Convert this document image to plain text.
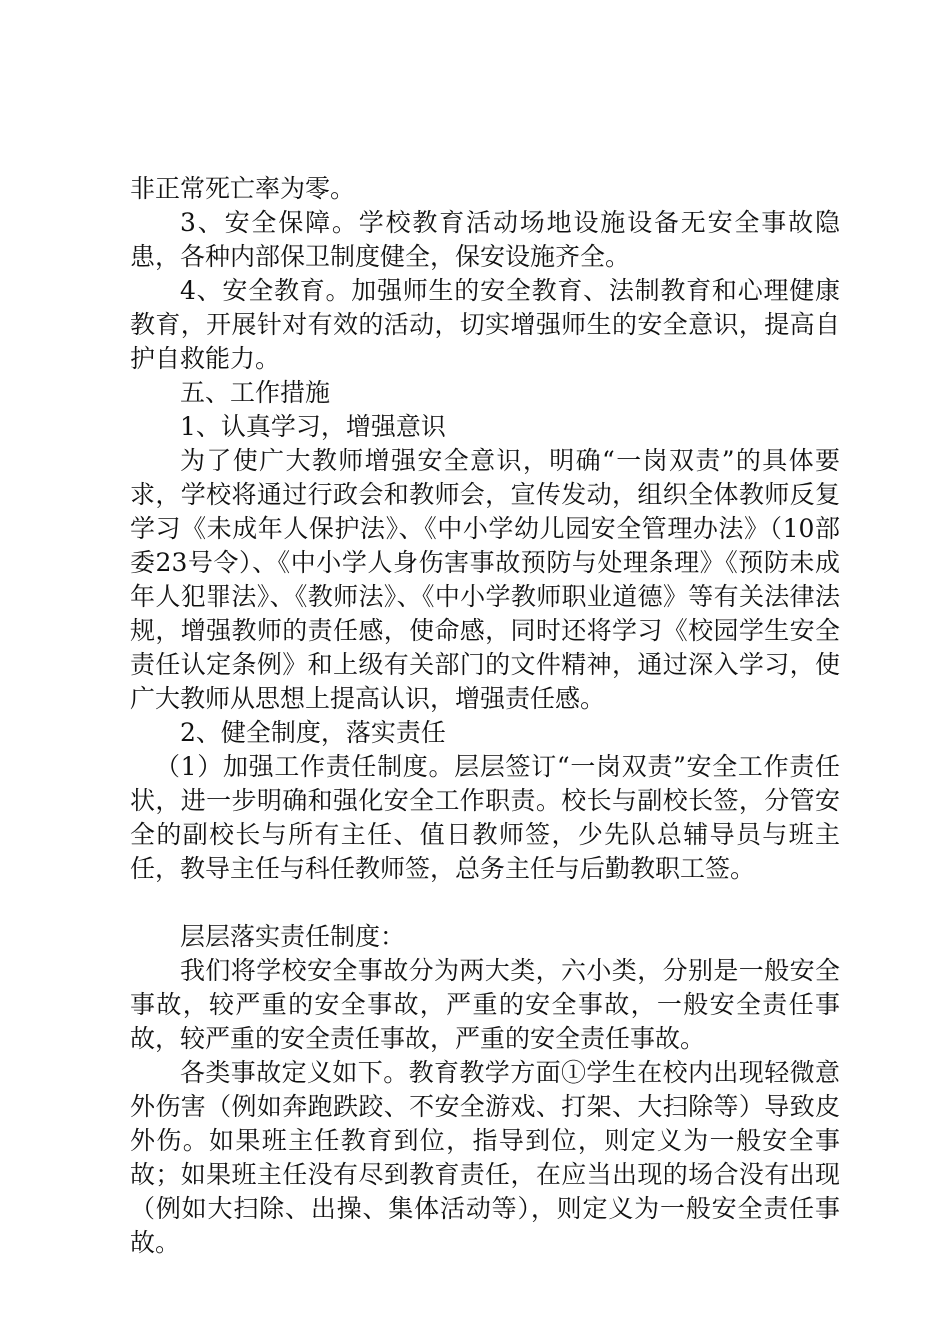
非正常死亡率为零。

3、安全保障。学校教育活动场地设施设备无安全事故隐患，各种内部保卫制度健全，保安设施齐全。

4、安全教育。加强师生的安全教育、法制教育和心理健康教育，开展针对有效的活动，切实增强师生的安全意识，提高自护自救能力。

五、工作措施

1、认真学习，增强意识

为了使广大教师增强安全意识，明确“一岗双责”的具体要求，学校将通过行政会和教师会，宣传发动，组织全体教师反复学习《未成年人保护法》、《中小学幼儿园安全管理办法》（10部委23号令）、《中小学人身伤害事故预防与处理条理》《预防未成年人犯罪法》、《教师法》、《中小学教师职业道德》等有关法律法规，增强教师的责任感，使命感，同时还将学习《校园学生安全责任认定条例》和上级有关部门的文件精神，通过深入学习，使广大教师从思想上提高认识，增强责任感。

2、健全制度，落实责任

（1）加强工作责任制度。层层签订“一岗双责”安全工作责任状，进一步明确和强化安全工作职责。校长与副校长签，分管安全的副校长与所有主任、值日教师签，少先队总辅导员与班主任，教导主任与科任教师签，总务主任与后勤教职工签。

层层落实责任制度：

我们将学校安全事故分为两大类，六小类，分别是一般安全事故，较严重的安全事故，严重的安全事故，一般安全责任事故，较严重的安全责任事故，严重的安全责任事故。

各类事故定义如下。教育教学方面①学生在校内出现轻微意外伤害（例如奔跑跌跤、不安全游戏、打架、大扫除等）导致皮外伤。如果班主任教育到位，指导到位，则定义为一般安全事故；如果班主任没有尽到教育责任，在应当出现的场合没有出现（例如大扫除、出操、集体活动等），则定义为一般安全责任事故。
